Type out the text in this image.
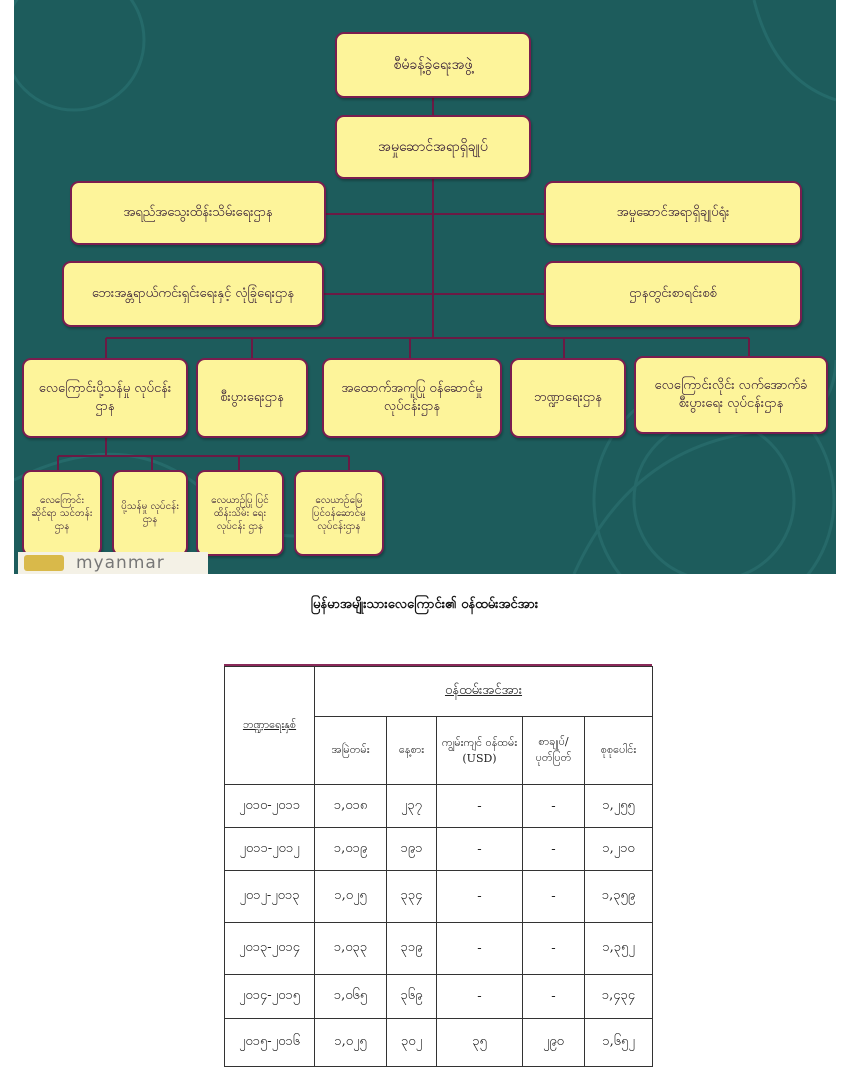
စီမံခန့်ခွဲရေးအဖွဲ့
အမှုဆောင်အရာရှိချုပ်
အရည်အသွေးထိန်းသိမ်းရေးဌာန
ဘေးအန္တရာယ်ကင်းရှင်းရေးနှင့် လုံခြုံရေးဌာန
အမှုဆောင်အရာရှိချုပ်ရုံး
ဌာနတွင်းစာရင်းစစ်
လေကြောင်းပို့သန်မှု လုပ်ငန်းဌာန
စီးပွားရေးဌာန
အထောက်အကူပြု ဝန်ဆောင်မှုလုပ်ငန်းဌာန
ဘဏ္ဍာရေးဌာန
လေကြောင်းလိုင်း လက်အောက်ခံစီးပွားရေး လုပ်ငန်းဌာန
လေကြောင်း ဆိုင်ရာ သင်တန်းဌာန
ပို့သန်မှု လုပ်ငန်းဌာန
လေယာဉ်ပြု ပြင်ထိန်းသိမ်း ရေးလုပ်ငန်း ဌာန
လေယာဉ်မြေ ပြင်ဝန်ဆောင်မှု လုပ်ငန်းဌာန
myanmar
မြန်မာအမျိုးသားလေကြောင်း၏ ဝန်ထမ်းအင်အား
ဘဏ္ဍာရေးနှစ်	ဝန်ထမ်းအင်အား				
	အမြဲတမ်း	နေ့စား	ကျွမ်းကျင် ဝန်ထမ်း (USD)	စာချုပ်/ ပုတ်ပြတ်	စုစုပေါင်း
၂၀၁၀-၂၀၁၁	၁,၀၁၈	၂၃၇	-	-	၁,၂၅၅
၂၀၁၁-၂၀၁၂	၁,၀၁၉	၁၉၁	-	-	၁,၂၁၀
၂၀၁၂-၂၀၁၃	၁,၀၂၅	၃၃၄	-	-	၁,၃၅၉
၂၀၁၃-၂၀၁၄	၁,၀၃၃	၃၁၉	-	-	၁,၃၅၂
၂၀၁၄-၂၀၁၅	၁,၀၆၅	၃၆၉	-	-	၁,၄၃၄
၂၀၁၅-၂၀၁၆	၁,၀၂၅	၃၀၂	၃၅	၂၉၀	၁,၆၅၂
